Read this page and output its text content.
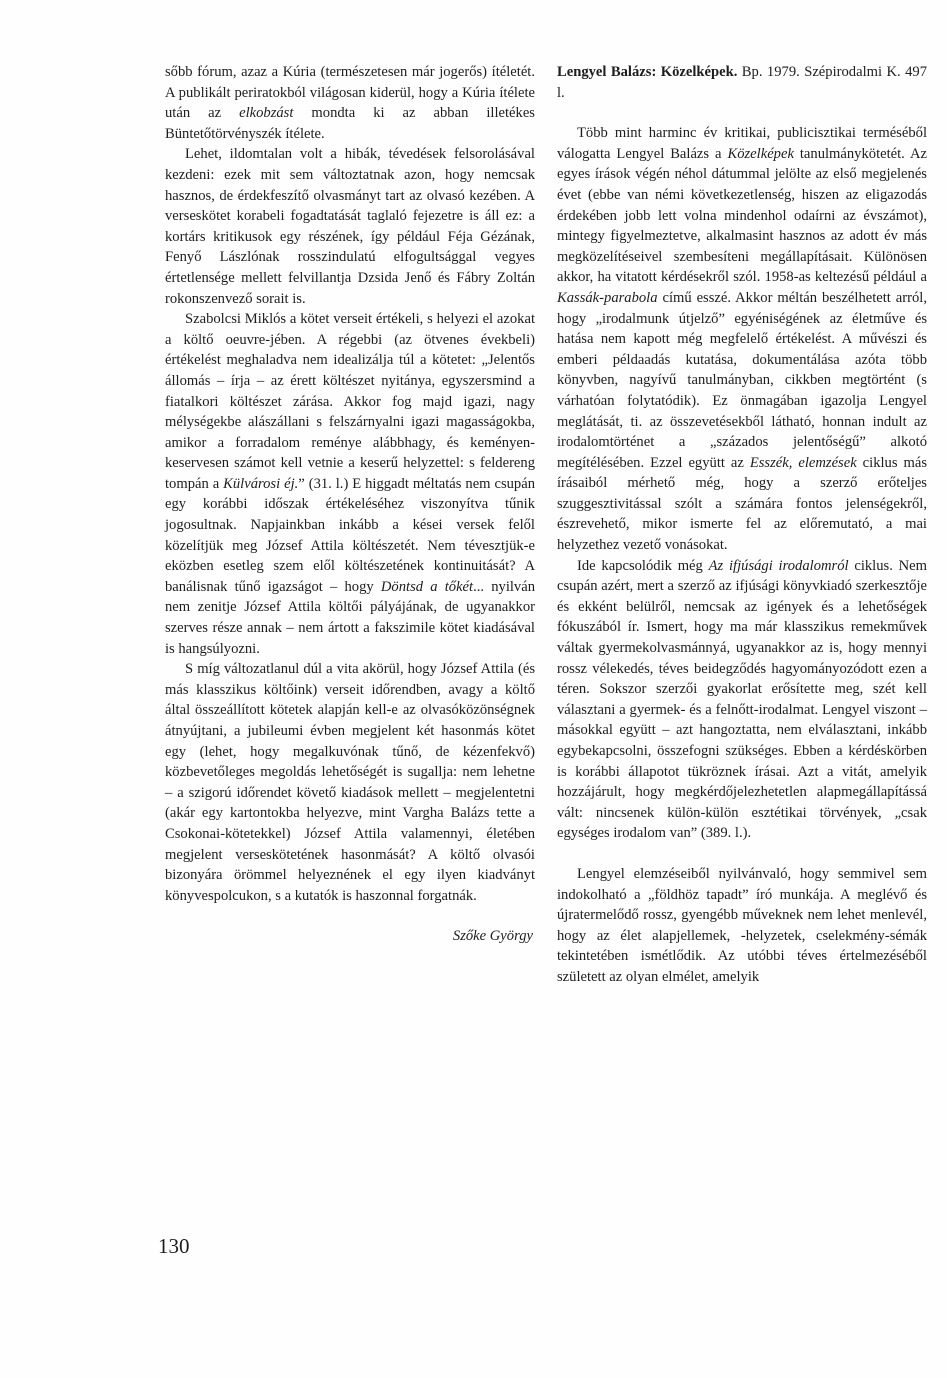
sőbb fórum, azaz a Kúria (természetesen már jogerős) ítéletét. A publikált periratokból világosan kiderül, hogy a Kúria ítélete után az elkobzást mondta ki az abban illetékes Büntetőtörvényszék ítélete.

Lehet, ildomtalan volt a hibák, tévedések felsorolásával kezdeni: ezek mit sem változtatnak azon, hogy nemcsak hasznos, de érdekfeszítő olvasmányt tart az olvasó kezében. A verseskötet korabeli fogadtatását taglaló fejezetre is áll ez: a kortárs kritikusok egy részének, így például Féja Gézának, Fenyő Lászlónak rosszindulatú elfogultsággal vegyes értetlensége mellett felvillantja Dzsida Jenő és Fábry Zoltán rokonszenvező sorait is.

Szabolcsi Miklós a kötet verseit értékeli, s helyezi el azokat a költő oeuvre-jében. A régebbi (az ötvenes évekbeli) értékelést meghaladva nem idealizálja túl a kötetet: „Jelentős állomás – írja – az érett költészet nyitánya, egyszersmind a fiatalkori költészet zárása. Akkor fog majd igazi, nagy mélységekbe alászállani s felszárnyalni igazi magasságokba, amikor a forradalom reménye alábbhagy, és keményen-keservesen számot kell vetnie a keserű helyzettel: s feldereng tompán a Külvárosi éj.” (31. l.) E higgadt méltatás nem csupán egy korábbi időszak értékeléséhez viszonyítva tűnik jogosultnak. Napjainkban inkább a kései versek felől közelítjük meg József Attila költészetét. Nem tévesztjük-e eközben esetleg szem elől költészetének kontinuitását? A banálisnak tűnő igazságot – hogy Döntsd a tőkét... nyilván nem zenitje József Attila költői pályájának, de ugyanakkor szerves része annak – nem ártott a fakszimile kötet kiadásával is hangsúlyozni.

S míg változatlanul dúl a vita akörül, hogy József Attila (és más klasszikus költőink) verseit időrendben, avagy a költő által összeállított kötetek alapján kell-e az olvasóközönségnek átnyújtani, a jubileumi évben megjelent két hasonmás kötet egy (lehet, hogy megalkuvónak tűnő, de kézenfekvő) közbevetőleges megoldás lehetőségét is sugallja: nem lehetne – a szigorú időrendet követő kiadások mellett – megjelentetni (akár egy kartontokba helyezve, mint Vargha Balázs tette a Csokonai-kötetekkel) József Attila valamennyi, életében megjelent verseskötetének hasonmását? A költő olvasói bizonyára örömmel helyeznének el egy ilyen kiadványt könyvespolcukon, s a kutatók is haszonnal forgatnák.

Szőke György

Lengyel Balázs: Közelképek. Bp. 1979. Szépirodalmi K. 497 l.

Több mint harminc év kritikai, publicisztikai terméséből válogatta Lengyel Balázs a Közelképek tanulmánykötetét. Az egyes írások végén néhol dátummal jelölte az első megjelenés évet (ebbe van némi következetlenség, hiszen az eligazodás érdekében jobb lett volna mindenhol odaírni az évszámot), mintegy figyelmeztetve, alkalmasint hasznos az adott év más megközelítéseivel szembesíteni megállapításait. Különösen akkor, ha vitatott kérdésekről szól. 1958-as keltezésű például a Kassák-parabola című esszé. Akkor méltán beszélhetett arról, hogy „irodalmunk útjelző” egyéniségének az életműve és hatása nem kapott még megfelelő értékelést. A művészi és emberi példaadás kutatása, dokumentálása azóta több könyvben, nagyívű tanulmányban, cikkben megtörtént (s várhatóan folytatódik). Ez önmagában igazolja Lengyel meglátását, ti. az összevetésekből látható, honnan indult az irodalomtörténet a „százados jelentőségű” alkotó megítélésében. Ezzel együtt az Esszék, elemzések ciklus más írásaiból mérhető még, hogy a szerző erőteljes szuggesztivitással szólt a számára fontos jelenségekről, észrevehető, mikor ismerte fel az előremutató, a mai helyzethez vezető vonásokat.

Ide kapcsolódik még Az ifjúsági irodalomról ciklus. Nem csupán azért, mert a szerző az ifjúsági könyvkiadó szerkesztője és ekként belülről, nemcsak az igények és a lehetőségek fókuszából ír. Ismert, hogy ma már klasszikus remekművek váltak gyermekolvasmánnyá, ugyanakkor az is, hogy mennyi rossz vélekedés, téves beidegződés hagyományozódott ezen a téren. Sokszor szerzői gyakorlat erősítette meg, szét kell választani a gyermek- és a felnőtt-irodalmat. Lengyel viszont – másokkal együtt – azt hangoztatta, nem elválasztani, inkább egybekapcsolni, összefogni szükséges. Ebben a kérdéskörben is korábbi állapotot tükröznek írásai. Azt a vitát, amelyik hozzájárult, hogy megkérdőjelezhetetlen alapmegállapítássá vált: nincsenek külön-külön esztétikai törvények, „csak egységes irodalom van” (389. l.).

Lengyel elemzéseiből nyilvánvaló, hogy semmivel sem indokolható a „földhöz tapadt” író munkája. A meglévő és újratermelődő rossz, gyengébb műveknek nem lehet menlevél, hogy az élet alapjellemek, -helyzetek, cselekmény-sémák tekintetében ismétlődik. Az utóbbi téves értelmezéséből született az olyan elmélet, amelyik

130
